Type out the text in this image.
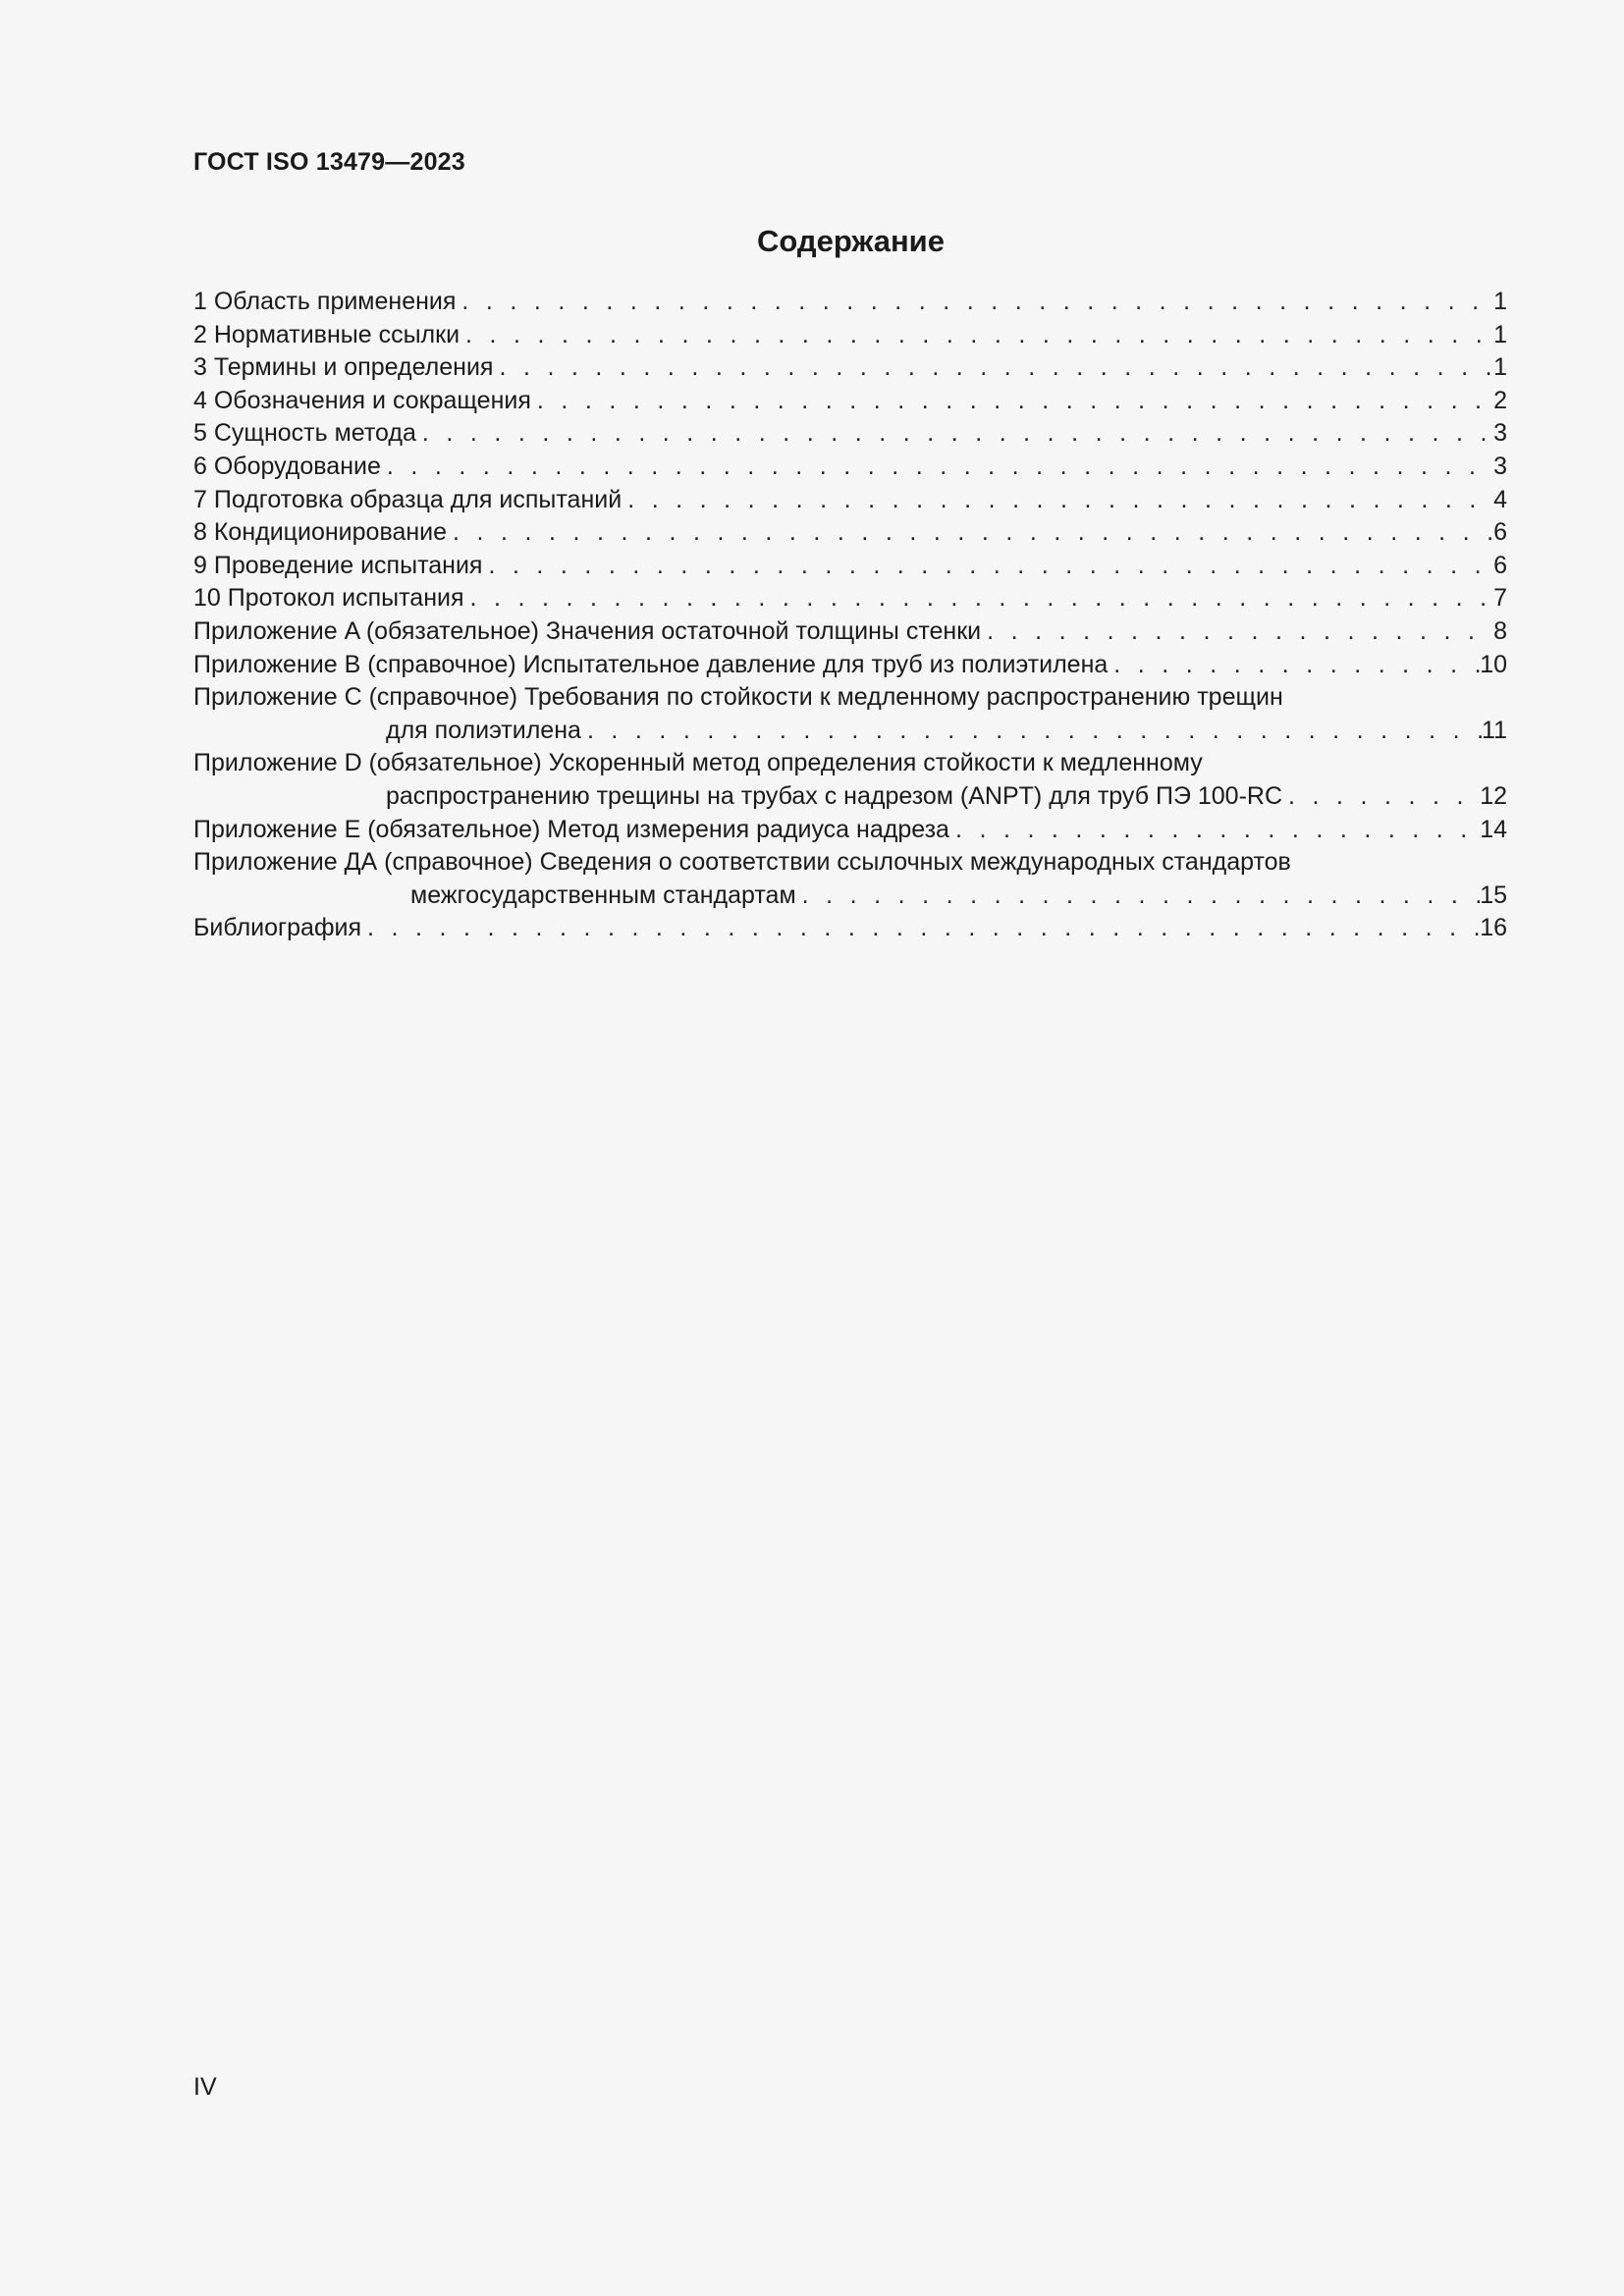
ГОСТ ISO 13479—2023
Содержание
1 Область применения . . .	1
2 Нормативные ссылки . . .	1
3 Термины и определения . . .	1
4 Обозначения и сокращения . . .	2
5 Сущность метода . . .	3
6 Оборудование . . .	3
7 Подготовка образца для испытаний . . .	4
8 Кондиционирование . . .	6
9 Проведение испытания . . .	6
10 Протокол испытания . . .	7
Приложение A (обязательное) Значения остаточной толщины стенки . . .	8
Приложение B (справочное) Испытательное давление для труб из полиэтилена . . .	10
Приложение C (справочное) Требования по стойкости к медленному распространению трещин
для полиэтилена . . .	11
Приложение D (обязательное) Ускоренный метод определения стойкости к медленному
распространению трещины на трубах с надрезом (ANPT) для труб ПЭ 100-RC . . .	12
Приложение E (обязательное) Метод измерения радиуса надреза . . .	14
Приложение ДА (справочное) Сведения о соответствии ссылочных международных стандартов
межгосударственным стандартам . . .	15
Библиография . . .	16
IV
